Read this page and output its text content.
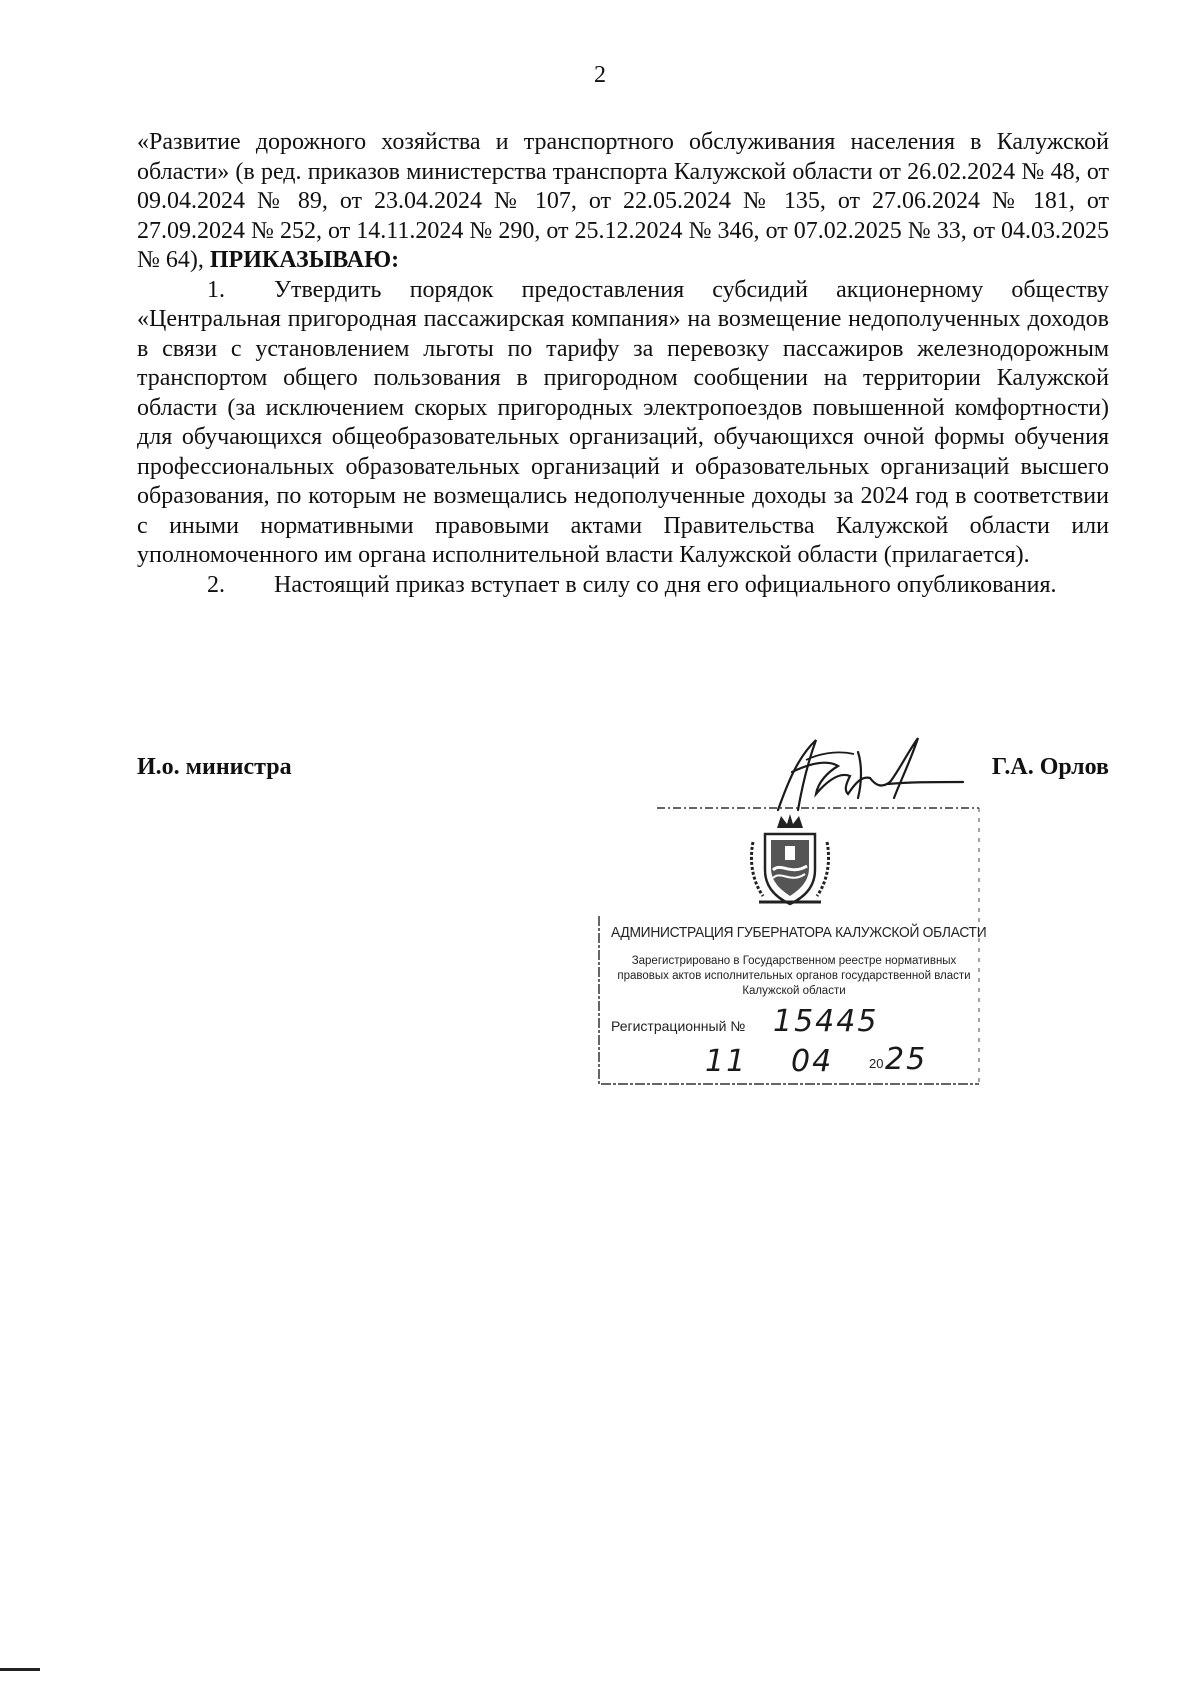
2

«Развитие дорожного хозяйства и транспортного обслуживания населения в Калужской области» (в ред. приказов министерства транспорта Калужской области от 26.02.2024 № 48, от 09.04.2024 № 89, от 23.04.2024 № 107, от 22.05.2024 № 135, от 27.06.2024 № 181, от 27.09.2024 № 252, от 14.11.2024 № 290, от 25.12.2024 № 346, от 07.02.2025 № 33, от 04.03.2025 № 64), ПРИКАЗЫВАЮ:

1. Утвердить порядок предоставления субсидий акционерному обществу «Центральная пригородная пассажирская компания» на возмещение недополученных доходов в связи с установлением льготы по тарифу за перевозку пассажиров железнодорожным транспортом общего пользования в пригородном сообщении на территории Калужской области (за исключением скорых пригородных электропоездов повышенной комфортности) для обучающихся общеобразовательных организаций, обучающихся очной формы обучения профессиональных образовательных организаций и образовательных организаций высшего образования, по которым не возмещались недополученные доходы за 2024 год в соответствии с иными нормативными правовыми актами Правительства Калужской области или уполномоченного им органа исполнительной власти Калужской области (прилагается).

2. Настоящий приказ вступает в силу со дня его официального опубликования.

И.о. министра	Г.А. Орлов
АДМИНИСТРАЦИЯ ГУБЕРНАТОРА КАЛУЖСКОЙ ОБЛАСТИ
Зарегистрировано в Государственном реестре нормативных правовых актов исполнительных органов государственной власти Калужской области
Регистрационный № 15445
11 04	20 25
